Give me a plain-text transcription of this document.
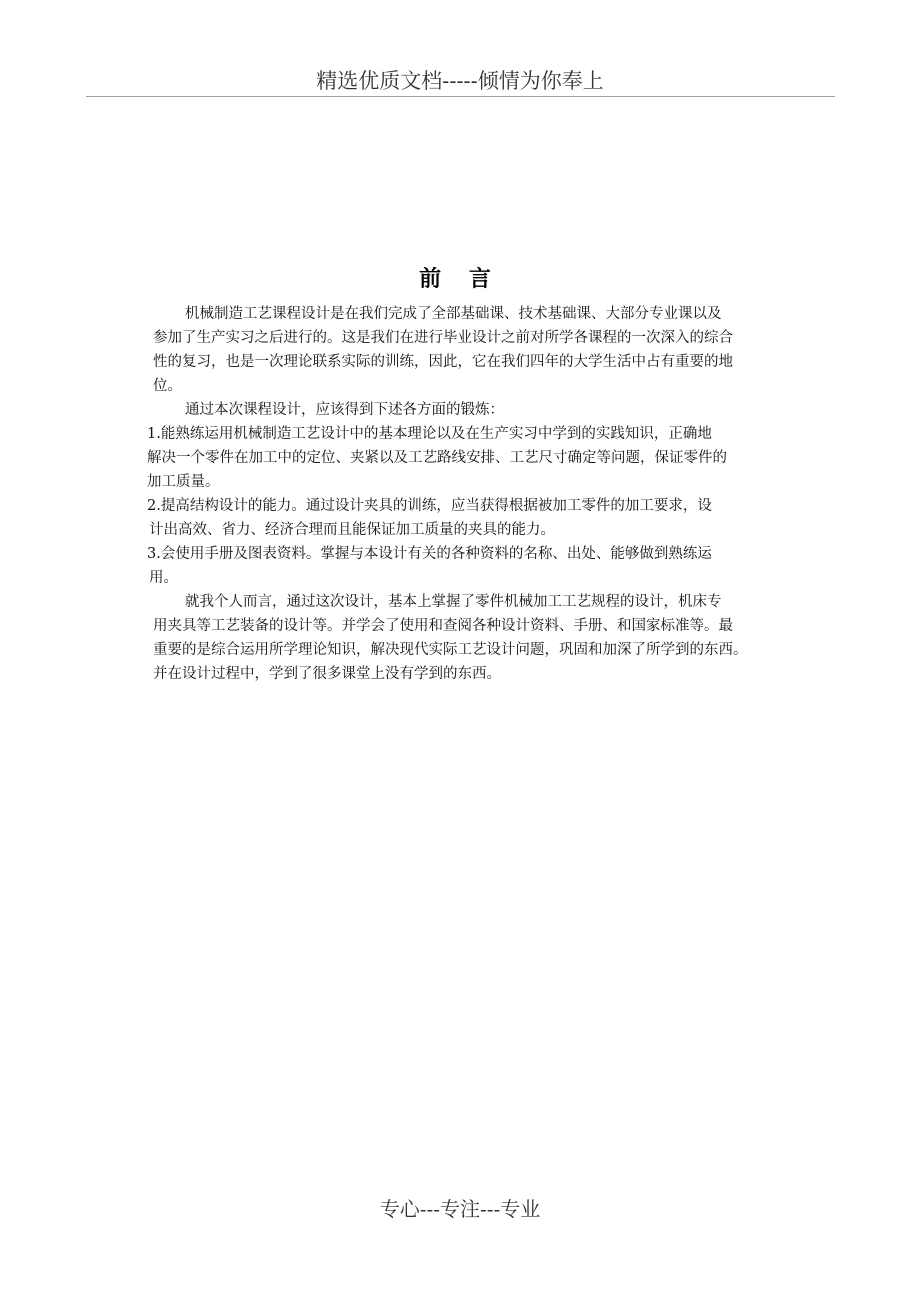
精选优质文档-----倾情为你奉上
前 言
机械制造工艺课程设计是在我们完成了全部基础课、技术基础课、大部分专业课以及
参加了生产实习之后进行的。这是我们在进行毕业设计之前对所学各课程的一次深入的综合
性的复习，也是一次理论联系实际的训练，因此，它在我们四年的大学生活中占有重要的地
位。
通过本次课程设计，应该得到下述各方面的锻炼：
1.能熟练运用机械制造工艺设计中的基本理论以及在生产实习中学到的实践知识，正确地
解决一个零件在加工中的定位、夹紧以及工艺路线安排、工艺尺寸确定等问题，保证零件的
加工质量。
2.提高结构设计的能力。通过设计夹具的训练，应当获得根据被加工零件的加工要求，设
计出高效、省力、经济合理而且能保证加工质量的夹具的能力。
3.会使用手册及图表资料。掌握与本设计有关的各种资料的名称、出处、能够做到熟练运
用。
就我个人而言，通过这次设计，基本上掌握了零件机械加工工艺规程的设计，机床专
用夹具等工艺装备的设计等。并学会了使用和查阅各种设计资料、手册、和国家标准等。最
重要的是综合运用所学理论知识，解决现代实际工艺设计问题，巩固和加深了所学到的东西。
并在设计过程中，学到了很多课堂上没有学到的东西。
专心---专注---专业
